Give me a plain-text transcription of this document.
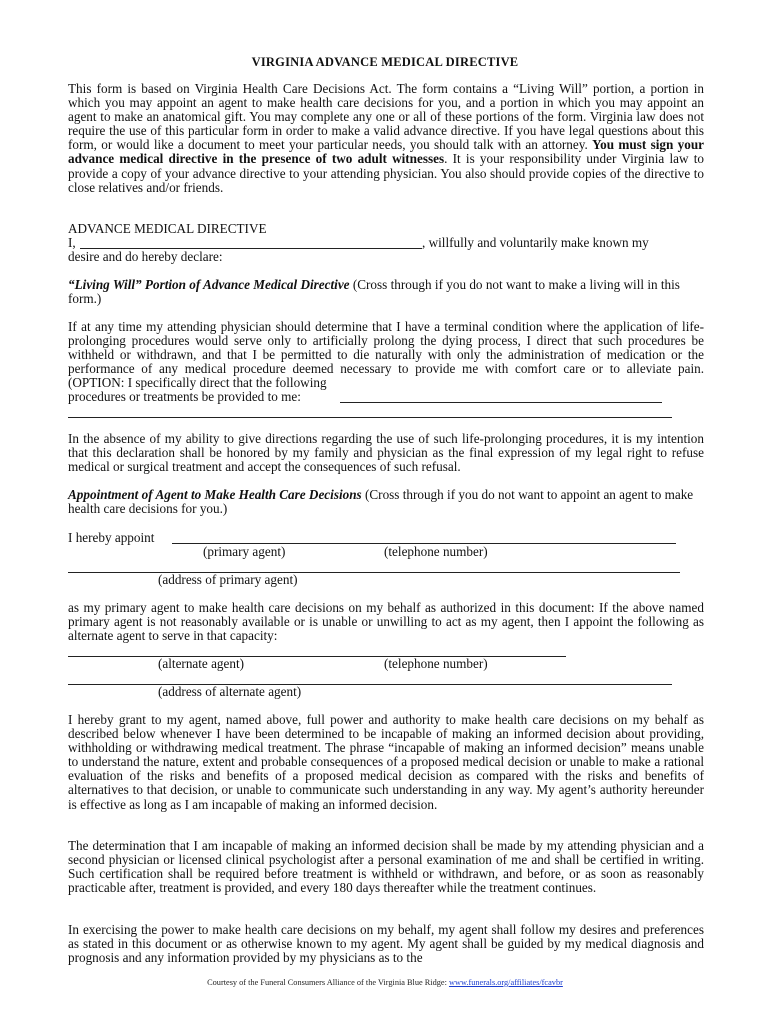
VIRGINIA ADVANCE MEDICAL DIRECTIVE

This form is based on Virginia Health Care Decisions Act. The form contains a “Living Will” portion, a portion in which you may appoint an agent to make health care decisions for you, and a portion in which you may appoint an agent to make an anatomical gift. You may complete any one or all of these portions of the form. Virginia law does not require the use of this particular form in order to make a valid advance directive. If you have legal questions about this form, or would like a document to meet your particular needs, you should talk with an attorney. You must sign your advance medical directive in the presence of two adult witnesses. It is your responsibility under Virginia law to provide a copy of your advance directive to your attending physician. You also should provide copies of the directive to close relatives and/or friends.

ADVANCE MEDICAL DIRECTIVE
I,	, willfully and voluntarily make known my
desire and do hereby declare:

“Living Will” Portion of Advance Medical Directive (Cross through if you do not want to make a living will in this form.)

If at any time my attending physician should determine that I have a terminal condition where the application of life-prolonging procedures would serve only to artificially prolong the dying process, I direct that such procedures be withheld or withdrawn, and that I be permitted to die naturally with only the administration of medication or the performance of any medical procedure deemed necessary to provide me with comfort care or to alleviate pain. (OPTION: I specifically direct that the following

procedures or treatments be provided to me:

In the absence of my ability to give directions regarding the use of such life-prolonging procedures, it is my intention that this declaration shall be honored by my family and physician as the final expression of my legal right to refuse medical or surgical treatment and accept the consequences of such refusal.

Appointment of Agent to Make Health Care Decisions (Cross through if you do not want to appoint an agent to make health care decisions for you.)

I hereby appoint
(primary agent)	(telephone number)
(address of primary agent)

as my primary agent to make health care decisions on my behalf as authorized in this document: If the above named primary agent is not reasonably available or is unable or unwilling to act as my agent, then I appoint the following as alternate agent to serve in that capacity:

(alternate agent)	(telephone number)
(address of alternate agent)

I hereby grant to my agent, named above, full power and authority to make health care decisions on my behalf as described below whenever I have been determined to be incapable of making an informed decision about providing, withholding or withdrawing medical treatment. The phrase “incapable of making an informed decision” means unable to understand the nature, extent and probable consequences of a proposed medical decision or unable to make a rational evaluation of the risks and benefits of a proposed medical decision as compared with the risks and benefits of alternatives to that decision, or unable to communicate such understanding in any way. My agent’s authority hereunder is effective as long as I am incapable of making an informed decision.

The determination that I am incapable of making an informed decision shall be made by my attending physician and a second physician or licensed clinical psychologist after a personal examination of me and shall be certified in writing. Such certification shall be required before treatment is withheld or withdrawn, and before, or as soon as reasonably practicable after, treatment is provided, and every 180 days thereafter while the treatment continues.

In exercising the power to make health care decisions on my behalf, my agent shall follow my desires and preferences as stated in this document or as otherwise known to my agent. My agent shall be guided by my medical diagnosis and prognosis and any information provided by my physicians as to the

Courtesy of the Funeral Consumers Alliance of the Virginia Blue Ridge: www.funerals.org/affiliates/fcavbr
